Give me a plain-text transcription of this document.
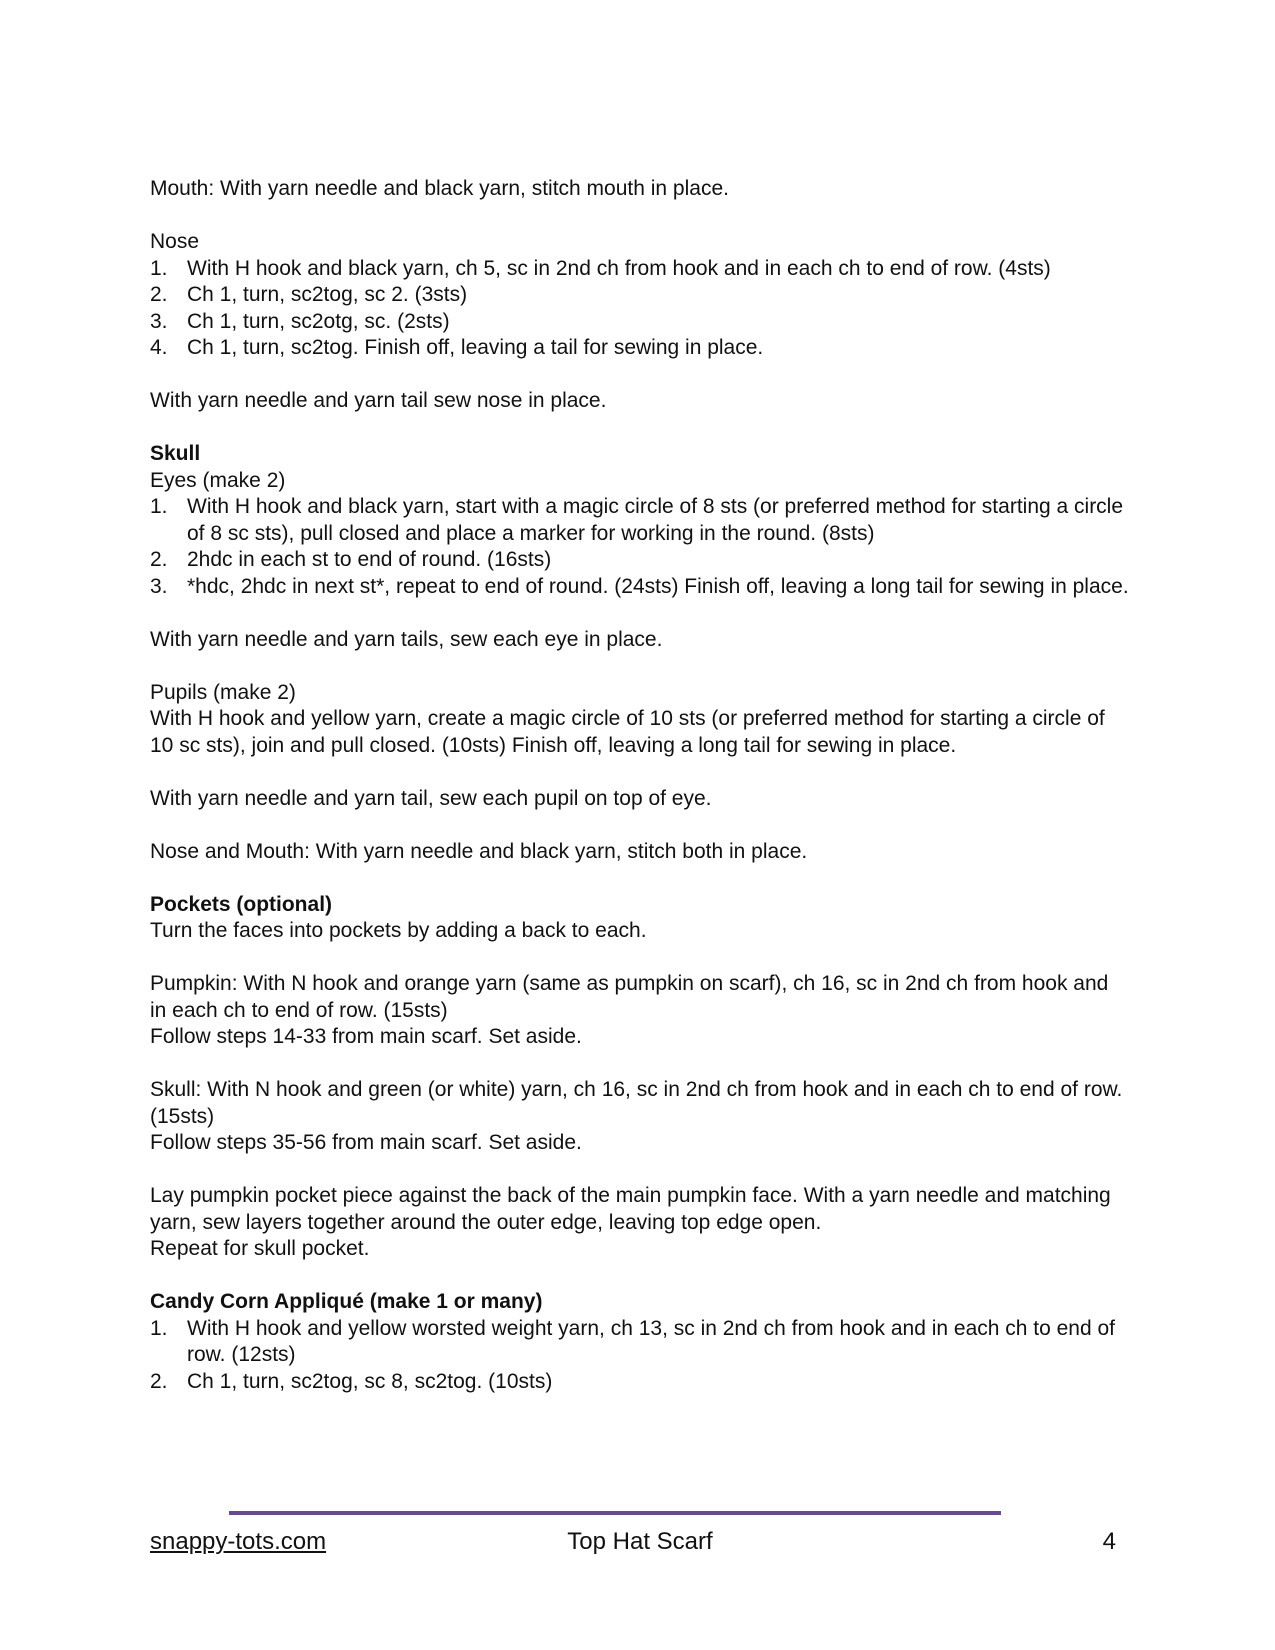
Mouth: With yarn needle and black yarn, stitch mouth in place.

Nose

1. With H hook and black yarn, ch 5, sc in 2nd ch from hook and in each ch to end of row. (4sts)
2. Ch 1, turn, sc2tog, sc 2. (3sts)
3. Ch 1, turn, sc2otg, sc. (2sts)
4. Ch 1, turn, sc2tog. Finish off, leaving a tail for sewing in place.

With yarn needle and yarn tail sew nose in place.

Skull

Eyes (make 2)

1. With H hook and black yarn, start with a magic circle of 8 sts (or preferred method for starting a circle of 8 sc sts), pull closed and place a marker for working in the round. (8sts)
2. 2hdc in each st to end of round. (16sts)
3. *hdc, 2hdc in next st*, repeat to end of round. (24sts) Finish off, leaving a long tail for sewing in place.

With yarn needle and yarn tails, sew each eye in place.

Pupils (make 2)

With H hook and yellow yarn, create a magic circle of 10 sts (or preferred method for starting a circle of 10 sc sts), join and pull closed. (10sts) Finish off, leaving a long tail for sewing in place.

With yarn needle and yarn tail, sew each pupil on top of eye.

Nose and Mouth: With yarn needle and black yarn, stitch both in place.

Pockets (optional)

Turn the faces into pockets by adding a back to each.

Pumpkin: With N hook and orange yarn (same as pumpkin on scarf), ch 16, sc in 2nd ch from hook and in each ch to end of row. (15sts)

Follow steps 14-33 from main scarf. Set aside.

Skull: With N hook and green (or white) yarn, ch 16, sc in 2nd ch from hook and in each ch to end of row. (15sts)

Follow steps 35-56 from main scarf. Set aside.

Lay pumpkin pocket piece against the back of the main pumpkin face. With a yarn needle and matching yarn, sew layers together around the outer edge, leaving top edge open.

Repeat for skull pocket.

Candy Corn Appliqué (make 1 or many)

1. With H hook and yellow worsted weight yarn, ch 13, sc in 2nd ch from hook and in each ch to end of row. (12sts)
2. Ch 1, turn, sc2tog, sc 8, sc2tog. (10sts)
snappy-tots.com	Top Hat Scarf	4
